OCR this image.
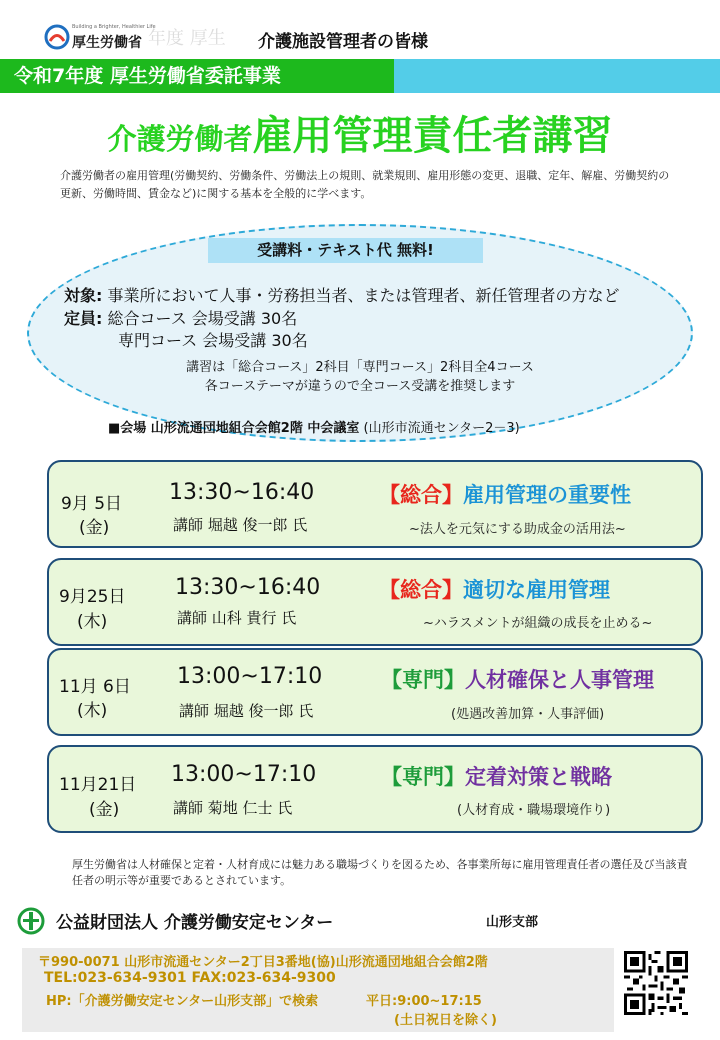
Building a Brighter, Healthier Life
厚生労働省 年度 厚生 介護施設管理者の皆様
令和7年度 厚生労働省委託事業
介護労働者雇用管理責任者講習
介護労働者の雇用管理(労働契約、労働条件、労働法上の規則、就業規則、雇用形態の変更、退職、定年、解雇、労働契約の更新、労働時間、賃金など)に関する基本を全般的に学べます。
受講料・テキスト代 無料!
対象: 事業所において人事・労務担当者、または管理者、新任管理者の方など
定員: 総合コース 会場受講 30名
専門コース 会場受講 30名
講習は「総合コース」2科目「専門コース」2科目全4コース
各コーステーマが違うので全コース受講を推奨します
■会場 山形流通団地組合会館2階 中会議室 (山形市流通センター2－3)
9月 5日
(金)
13:30~16:40
講師 堀越 俊一郎 氏
【総合】雇用管理の重要性
~法人を元気にする助成金の活用法~
9月25日
(木)
13:30~16:40
講師 山科 貴行 氏
【総合】適切な雇用管理
~ハラスメントが組織の成長を止める~
11月 6日
(木)
13:00~17:10
講師 堀越 俊一郎 氏
【専門】人材確保と人事管理
(処遇改善加算・人事評価)
11月21日
(金)
13:00~17:10
講師 菊地 仁士 氏
【専門】定着対策と戦略
(人材育成・職場環境作り)
厚生労働省は人材確保と定着・人材育成には魅力ある職場づくりを図るため、各事業所毎に雇用管理責任者の選任及び当該責任者の明示等が重要であるとされています。
公益財団法人 介護労働安定センター	山形支部
〒990-0071 山形市流通センター2丁目3番地(協)山形流通団地組合会館2階
TEL:023-634-9301 FAX:023-634-9300
HP:「介護労働安定センター山形支部」で検索	平日:9:00~17:15
(土日祝日を除く)
